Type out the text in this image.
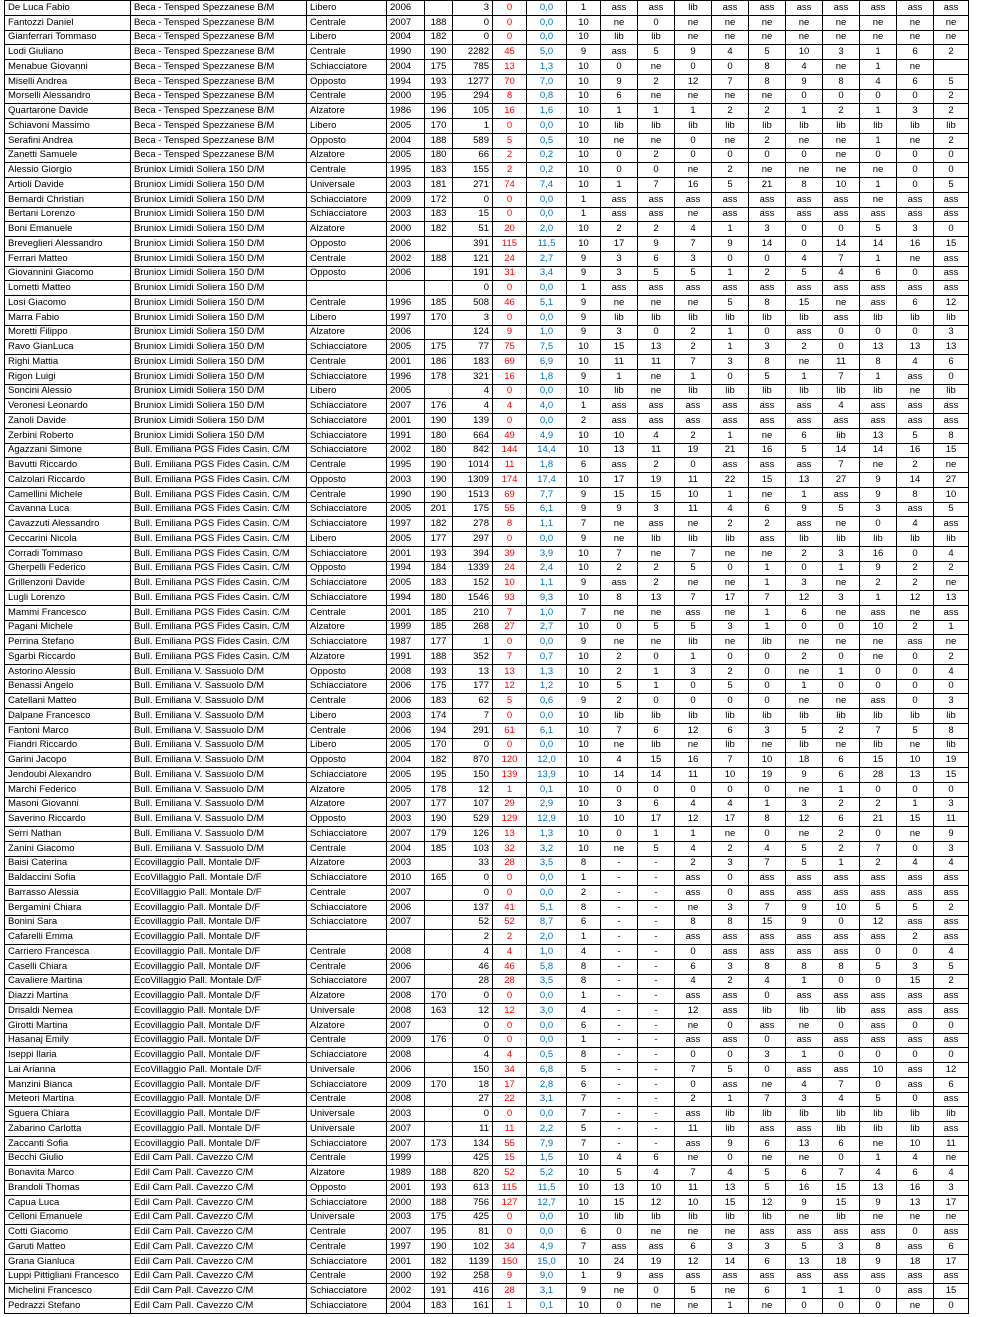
De Luca Fabio	Beca - Tensped Spezzanese B/M	Libero	2006		3	0	0,0	1	ass	ass	lib	ass	ass	ass	ass	ass	ass	ass
Fantozzi Daniel	Beca - Tensped Spezzanese B/M	Centrale	2007	188	0	0	0,0	10	ne	0	ne	ne	ne	ne	ne	ne	ne	ne
Gianferrari Tommaso	Beca - Tensped Spezzanese B/M	Libero	2004	182	0	0	0,0	10	lib	lib	ne	ne	ne	ne	ne	ne	ne	ne
Lodi Giuliano	Beca - Tensped Spezzanese B/M	Centrale	1990	190	2282	45	5,0	9	ass	5	9	4	5	10	3	1	6	2
Menabue Giovanni	Beca - Tensped Spezzanese B/M	Schiacciatore	2004	175	785	13	1,3	10	0	ne	0	0	8	4	ne	1	ne	
Miselli Andrea	Beca - Tensped Spezzanese B/M	Opposto	1994	193	1277	70	7,0	10	9	2	12	7	8	9	8	4	6	5
Morselli Alessandro	Beca - Tensped Spezzanese B/M	Centrale	2000	195	294	8	0,8	10	6	ne	ne	ne	ne	0	0	0	0	2
Quartarone Davide	Beca - Tensped Spezzanese B/M	Alzatore	1986	196	105	16	1,6	10	1	1	1	2	2	1	2	1	3	2
Schiavoni Massimo	Beca - Tensped Spezzanese B/M	Libero	2005	170	1	0	0,0	10	lib	lib	lib	lib	lib	lib	lib	lib	lib	lib
Serafini Andrea	Beca - Tensped Spezzanese B/M	Opposto	2004	188	589	5	0,5	10	ne	ne	0	ne	2	ne	ne	1	ne	2
Zanetti Samuele	Beca - Tensped Spezzanese B/M	Alzatore	2005	180	66	2	0,2	10	0	2	0	0	0	0	ne	0	0	0
Alessio Giorgio	Bruniox Limidi Soliera 150 D/M	Centrale	1995	183	155	2	0,2	10	0	0	ne	2	ne	ne	ne	ne	0	0
Artioli Davide	Bruniox Limidi Soliera 150 D/M	Universale	2003	181	271	74	7,4	10	1	7	16	5	21	8	10	1	0	5
Bernardi Christian	Bruniox Limidi Soliera 150 D/M	Schiacciatore	2009	172	0	0	0,0	1	ass	ass	ass	ass	ass	ass	ass	ne	ass	ass
Bertani Lorenzo	Bruniox Limidi Soliera 150 D/M	Schiacciatore	2003	183	15	0	0,0	1	ass	ass	ne	ass	ass	ass	ass	ass	ass	ass
Boni Emanuele	Bruniox Limidi Soliera 150 D/M	Alzatore	2000	182	51	20	2,0	10	2	2	4	1	3	0	0	5	3	0
Breveglieri Alessandro	Bruniox Limidi Soliera 150 D/M	Opposto	2006		391	115	11,5	10	17	9	7	9	14	0	14	14	16	15
Ferrari Matteo	Bruniox Limidi Soliera 150 D/M	Centrale	2002	188	121	24	2,7	9	3	6	3	0	0	4	7	1	ne	ass
Giovannini Giacomo	Bruniox Limidi Soliera 150 D/M	Opposto	2006		191	31	3,4	9	3	5	5	1	2	5	4	6	0	ass
Lometti Matteo	Bruniox Limidi Soliera 150 D/M				0	0	0,0	1	ass	ass	ass	ass	ass	ass	ass	ass	ass	ass
Losi Giacomo	Bruniox Limidi Soliera 150 D/M	Centrale	1996	185	508	46	5,1	9	ne	ne	ne	5	8	15	ne	ass	6	12
Marra Fabio	Bruniox Limidi Soliera 150 D/M	Libero	1997	170	3	0	0,0	9	lib	lib	lib	lib	lib	lib	ass	lib	lib	lib
Moretti Filippo	Bruniox Limidi Soliera 150 D/M	Alzatore	2006		124	9	1,0	9	3	0	2	1	0	ass	0	0	0	3
Ravo GianLuca	Bruniox Limidi Soliera 150 D/M	Schiacciatore	2005	175	77	75	7,5	10	15	13	2	1	3	2	0	13	13	13
Righi Mattia	Bruniox Limidi Soliera 150 D/M	Centrale	2001	186	183	69	6,9	10	11	11	7	3	8	ne	11	8	4	6
Rigon Luigi	Bruniox Limidi Soliera 150 D/M	Schiacciatore	1996	178	321	16	1,8	9	1	ne	1	0	5	1	7	1	ass	0
Soncini Alessio	Bruniox Limidi Soliera 150 D/M	Libero	2005		4	0	0,0	10	lib	ne	lib	lib	lib	lib	lib	lib	ne	lib
Veronesi Leonardo	Bruniox Limidi Soliera 150 D/M	Schiacciatore	2007	176	4	4	4,0	1	ass	ass	ass	ass	ass	ass	4	ass	ass	ass
Zanoli Davide	Bruniox Limidi Soliera 150 D/M	Schiacciatore	2001	190	139	0	0,0	2	ass	ass	ass	ass	ass	ass	ass	ass	ass	ass
Zerbini Roberto	Bruniox Limidi Soliera 150 D/M	Schiacciatore	1991	180	664	49	4,9	10	10	4	2	1	ne	6	lib	13	5	8
Agazzani Simone	Bull. Emiliana PGS Fides Casin. C/M	Schiacciatore	2002	180	842	144	14,4	10	13	11	19	21	16	5	14	14	16	15
Bavutti Riccardo	Bull. Emiliana PGS Fides Casin. C/M	Centrale	1995	190	1014	11	1,8	6	ass	2	0	ass	ass	ass	7	ne	2	ne
Calzolari Riccardo	Bull. Emiliana PGS Fides Casin. C/M	Opposto	2003	190	1309	174	17,4	10	17	19	11	22	15	13	27	9	14	27
Camellini Michele	Bull. Emiliana PGS Fides Casin. C/M	Centrale	1990	190	1513	69	7,7	9	15	15	10	1	ne	1	ass	9	8	10
Cavanna Luca	Bull. Emiliana PGS Fides Casin. C/M	Schiacciatore	2005	201	175	55	6,1	9	9	3	11	4	6	9	5	3	ass	5
Cavazzuti Alessandro	Bull. Emiliana PGS Fides Casin. C/M	Schiacciatore	1997	182	278	8	1,1	7	ne	ass	ne	2	2	ass	ne	0	4	ass
Ceccarini Nicola	Bull. Emiliana PGS Fides Casin. C/M	Libero	2005	177	297	0	0,0	9	ne	lib	lib	lib	ass	lib	lib	lib	lib	lib
Corradi Tommaso	Bull. Emiliana PGS Fides Casin. C/M	Schiacciatore	2001	193	394	39	3,9	10	7	ne	7	ne	ne	2	3	16	0	4
Gherpelli Federico	Bull. Emiliana PGS Fides Casin. C/M	Opposto	1994	184	1339	24	2,4	10	2	2	5	0	1	0	1	9	2	2
Grillenzoni Davide	Bull. Emiliana PGS Fides Casin. C/M	Schiacciatore	2005	183	152	10	1,1	9	ass	2	ne	ne	1	3	ne	2	2	ne
Lugli Lorenzo	Bull. Emiliana PGS Fides Casin. C/M	Schiacciatore	1994	180	1546	93	9,3	10	8	13	7	17	7	12	3	1	12	13
Mammi Francesco	Bull. Emiliana PGS Fides Casin. C/M	Centrale	2001	185	210	7	1,0	7	ne	ne	ass	ne	1	6	ne	ass	ne	ass
Pagani Michele	Bull. Emiliana PGS Fides Casin. C/M	Alzatore	1999	185	268	27	2,7	10	0	5	5	3	1	0	0	10	2	1
Perrina Stefano	Bull. Emiliana PGS Fides Casin. C/M	Schiacciatore	1987	177	1	0	0,0	9	ne	ne	lib	ne	lib	ne	ne	ne	ass	ne
Sgarbi Riccardo	Bull. Emiliana PGS Fides Casin. C/M	Alzatore	1991	188	352	7	0,7	10	2	0	1	0	0	2	0	ne	0	2
Astorino Alessio	Bull. Emiliana V. Sassuolo D/M	Opposto	2008	193	13	13	1,3	10	2	1	3	2	0	ne	1	0	0	4
Benassi Angelo	Bull. Emiliana V. Sassuolo D/M	Schiacciatore	2006	175	177	12	1,2	10	5	1	0	5	0	1	0	0	0	0
Catellani Matteo	Bull. Emiliana V. Sassuolo D/M	Centrale	2006	183	62	5	0,6	9	2	0	0	0	0	ne	ne	ass	0	3
Dalpane Francesco	Bull. Emiliana V. Sassuolo D/M	Libero	2003	174	7	0	0,0	10	lib	lib	lib	lib	lib	lib	lib	lib	lib	lib
Fantoni Marco	Bull. Emiliana V. Sassuolo D/M	Centrale	2006	194	291	61	6,1	10	7	6	12	6	3	5	2	7	5	8
Fiandri Riccardo	Bull. Emiliana V. Sassuolo D/M	Libero	2005	170	0	0	0,0	10	ne	lib	ne	lib	ne	lib	ne	lib	ne	lib
Garini Jacopo	Bull. Emiliana V. Sassuolo D/M	Opposto	2004	182	870	120	12,0	10	4	15	16	7	10	18	6	15	10	19
Jendoubi Alexandro	Bull. Emiliana V. Sassuolo D/M	Schiacciatore	2005	195	150	139	13,9	10	14	14	11	10	19	9	6	28	13	15
Marchi Federico	Bull. Emiliana V. Sassuolo D/M	Alzatore	2005	178	12	1	0,1	10	0	0	0	0	0	ne	1	0	0	0
Masoni Giovanni	Bull. Emiliana V. Sassuolo D/M	Alzatore	2007	177	107	29	2,9	10	3	6	4	4	1	3	2	2	1	3
Saverino Riccardo	Bull. Emiliana V. Sassuolo D/M	Opposto	2003	190	529	129	12,9	10	10	17	12	17	8	12	6	21	15	11
Serri Nathan	Bull. Emiliana V. Sassuolo D/M	Schiacciatore	2007	179	126	13	1,3	10	0	1	1	ne	0	ne	2	0	ne	9
Zanini Giacomo	Bull. Emiliana V. Sassuolo D/M	Centrale	2004	185	103	32	3,2	10	ne	5	4	2	4	5	2	7	0	3
Baisi Caterina	Ecovillaggio Pall. Montale D/F	Alzatore	2003		33	28	3,5	8	-	-	2	3	7	5	1	2	4	4
Baldaccini Sofia	EcoVillaggio Pall. Montale D/F	Schiacciatore	2010	165	0	0	0,0	1	-	-	ass	0	ass	ass	ass	ass	ass	ass
Barrasso Alessia	EcoVillaggio Pall. Montale D/F	Centrale	2007		0	0	0,0	2	-	-	ass	0	ass	ass	ass	ass	ass	ass
Bergamini Chiara	Ecovillaggio Pall. Montale D/F	Schiacciatore	2006		137	41	5,1	8	-	-	ne	3	7	9	10	5	5	2
Bonini Sara	Ecovillaggio Pall. Montale D/F	Schiacciatore	2007		52	52	8,7	6	-	-	8	8	15	9	0	12	ass	ass
Cafarelli Emma	Ecovillaggio Pall. Montale D/F				2	2	2,0	1	-	-	ass	ass	ass	ass	ass	ass	2	ass
Carriero Francesca	Ecovillaggio Pall. Montale D/F	Centrale	2008		4	4	1,0	4	-	-	0	ass	ass	ass	ass	0	0	4
Caselli Chiara	Ecovillaggio Pall. Montale D/F	Centrale	2006		46	46	5,8	8	-	-	6	3	8	8	8	5	3	5
Cavaliere Martina	EcoVillaggio Pall. Montale D/F	Schiacciatore	2007		28	28	3,5	8	-	-	4	2	4	1	0	0	15	2
Diazzi Martina	Ecovillaggio Pall. Montale D/F	Alzatore	2008	170	0	0	0,0	1	-	-	ass	ass	0	ass	ass	ass	ass	ass
Drisaldi Nemea	Ecovillaggio Pall. Montale D/F	Universale	2008	163	12	12	3,0	4	-	-	12	ass	lib	lib	lib	ass	ass	ass
Girotti Martina	Ecovillaggio Pall. Montale D/F	Alzatore	2007		0	0	0,0	6	-	-	ne	0	ass	ne	0	ass	0	0
Hasanaj Emily	Ecovillaggio Pall. Montale D/F	Centrale	2009	176	0	0	0,0	1	-	-	ass	ass	0	ass	ass	ass	ass	ass
Iseppi Ilaria	Ecovillaggio Pall. Montale D/F	Schiacciatore	2008		4	4	0,5	8	-	-	0	0	3	1	0	0	0	0
Lai Arianna	EcoVillaggio Pall. Montale D/F	Universale	2006		150	34	6,8	5	-	-	7	5	0	ass	ass	10	ass	12
Manzini Bianca	Ecovillaggio Pall. Montale D/F	Schiacciatore	2009	170	18	17	2,8	6	-	-	0	ass	ne	4	7	0	ass	6
Meteori Martina	Ecovillaggio Pall. Montale D/F	Centrale	2008		27	22	3,1	7	-	-	2	1	7	3	4	5	0	ass
Sguera Chiara	Ecovillaggio Pall. Montale D/F	Universale	2003		0	0	0,0	7	-	-	ass	lib	lib	lib	lib	lib	lib	lib
Zabarino Carlotta	Ecovillaggio Pall. Montale D/F	Universale	2007		11	11	2,2	5	-	-	11	lib	ass	ass	lib	lib	lib	ass
Zaccanti Sofia	Ecovillaggio Pall. Montale D/F	Schiacciatore	2007	173	134	55	7,9	7	-	-	ass	9	6	13	6	ne	10	11
Becchi Giulio	Edil Cam Pall. Cavezzo C/M	Centrale	1999		425	15	1,5	10	4	6	ne	0	ne	ne	0	1	4	ne
Bonavita Marco	Edil Cam Pall. Cavezzo C/M	Alzatore	1989	188	820	52	5,2	10	5	4	7	4	5	6	7	4	6	4
Brandoli Thomas	Edil Cam Pall. Cavezzo C/M	Opposto	2001	193	613	115	11,5	10	13	10	11	13	5	16	15	13	16	3
Capua Luca	Edil Cam Pall. Cavezzo C/M	Schiacciatore	2000	188	756	127	12,7	10	15	12	10	15	12	9	15	9	13	17
Celloni Emanuele	Edil Cam Pall. Cavezzo C/M	Universale	2003	175	425	0	0,0	10	lib	lib	lib	lib	lib	ne	lib	ne	ne	ne
Cotti Giacomo	Edil Cam Pall. Cavezzo C/M	Centrale	2007	195	81	0	0,0	6	0	ne	ne	ne	ass	ass	ass	ass	0	ass
Garuti Matteo	Edil Cam Pall. Cavezzo C/M	Centrale	1997	190	102	34	4,9	7	ass	ass	6	3	3	5	3	8	ass	6
Grana Gianluca	Edil Cam Pall. Cavezzo C/M	Schiacciatore	2001	182	1139	150	15,0	10	24	19	12	14	6	13	18	9	18	17
Luppi Pittigliani Francesco	Edil Cam Pall. Cavezzo C/M	Centrale	2000	192	258	9	9,0	1	9	ass	ass	ass	ass	ass	ass	ass	ass	ass
Michelini Francesco	Edil Cam Pall. Cavezzo C/M	Schiacciatore	2002	191	416	28	3,1	9	ne	0	5	ne	6	1	1	0	ass	15
Pedrazzi Stefano	Edil Cam Pall. Cavezzo C/M	Schiacciatore	2004	183	161	1	0,1	10	0	ne	ne	1	ne	0	0	0	ne	0
